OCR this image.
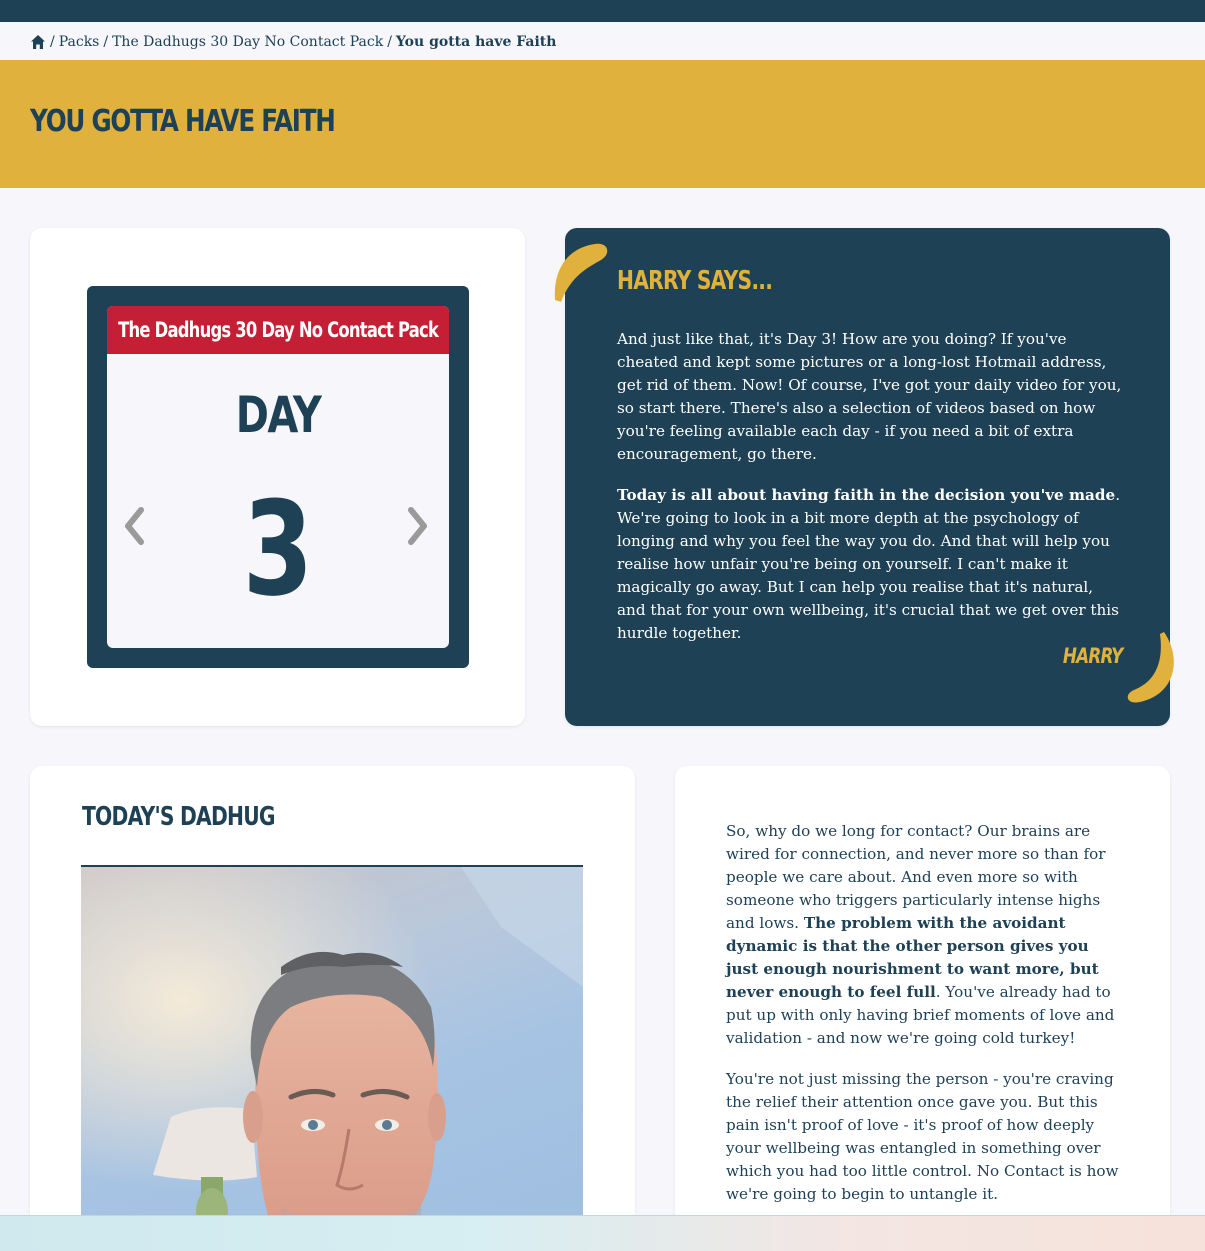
/ Packs / The Dadhugs 30 Day No Contact Pack / You gotta have Faith
YOU GOTTA HAVE FAITH
The Dadhugs 30 Day No Contact Pack
DAY
3
HARRY SAYS...

And just like that, it's Day 3! How are you doing? If you've cheated and kept some pictures or a long-lost Hotmail address, get rid of them. Now! Of course, I've got your daily video for you, so start there. There's also a selection of videos based on how you're feeling available each day - if you need a bit of extra encouragement, go there.

Today is all about having faith in the decision you've made. We're going to look in a bit more depth at the psychology of longing and why you feel the way you do. And that will help you realise how unfair you're being on yourself. I can't make it magically go away. But I can help you realise that it's natural, and that for your own wellbeing, it's crucial that we get over this hurdle together.

HARRY
TODAY'S DADHUG	So, why do we long for contact? Our brains are wired for connection, and never more so than for people we care about. And even more so with someone who triggers particularly intense highs and lows. The problem with the avoidant dynamic is that the other person gives you just enough nourishment to want more, but never enough to feel full. You've already had to put up with only having brief moments of love and validation - and now we're going cold turkey!

You're not just missing the person - you're craving the relief their attention once gave you. But this pain isn't proof of love - it's proof of how deeply your wellbeing was entangled in something over which you had too little control. No Contact is how we're going to begin to untangle it.
